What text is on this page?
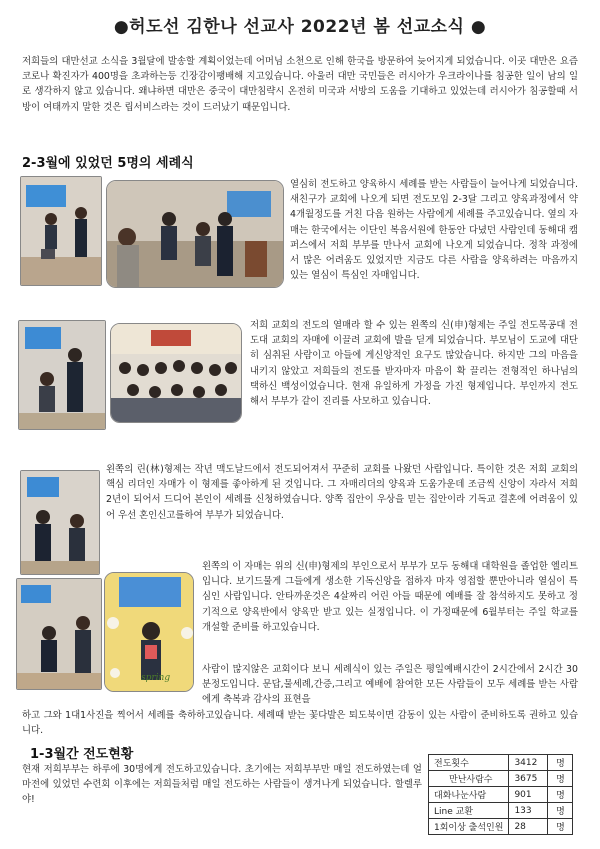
●허도선 김한나 선교사 2022년 봄 선교소식 ●

저희들의 대만선교 소식을 3월달에 발송할 계획이었는데 어머님 소천으로 인해 한국을 방문하여 늦어지게 되었습니다. 이곳 대만은 요즘 코로나 확진자가 400명을 초과하는등 긴장감이팽배해 지고있습니다. 아울러 대만 국민들은 러시아가 우크라이나를 침공한 일이 남의 일로 생각하지 않고 있습니다. 왜냐하면 대만은 중국이 대만침략시 온전히 미국과 서방의 도움을 기대하고 있었는데 러시아가 침공할때 서방이 여태까지 말한 것은 립서비스라는 것이 드러났기 때문입니다.

2-3월에 있었던 5명의 세례식

열심히 전도하고 양육하시 세례를 받는 사람들이 늘어나게 되었습니다. 새친구가 교회에 나오게 되면 전도모임 2-3달 그리고 양육과정에서 약 4개월정도를 거친 다음 원하는 사람에게 세례를 주고있습니다. 옆의 자매는 한국에서는 이단인 복음서원에 한동안 다녔던 사람인데 동해대 캠퍼스에서 저희 부부를 만나서 교회에 나오게 되었습니다. 정착 과정에서 많은 어려움도 있었지만 지금도 다른 사람을 양육하려는 마음까지 있는 열심이 특심인 자매입니다.

저희 교회의 전도의 열매라 할 수 있는 왼쪽의 신(申)형제는 주일 전도목공대 전도대 교회의 자매에 이끌려 교회에 발을 딛게 되었습니다. 부모님이 도교에 대단히 심취된 사람이고 아들에 게신앙적인 요구도 많았습니다. 하지만 그의 마음을 내키지 않았고 저희들의 전도를 받자마자 마음이 확 끌리는 전형적인 하나님의 택하신 백성이었습니다. 현재 유일하게 가정을 가진 형제입니다. 부인까지 전도해서 부부가 같이 진리를 사모하고 있습니다.

왼쪽의 린(林)형제는 작년 맥도날드에서 전도되어져서 꾸준히 교회를 나왔던 사람입니다. 특이한 것은 저희 교회의 핵심 리더인 자매가 이 형제를 좋아하게 된 것입니다. 그 자매리더의 양육과 도움가운데 조금씩 신앙이 자라서 저희 2년이 되어서 드디어 본인이 세례를 신청하였습니다. 양쪽 집안이 우상을 믿는 집안이라 기독교 결혼에 어려움이 있어 우선 혼인신고를하여 부부가 되었습니다.

spring

왼쪽의 이 자매는 위의 신(申)형제의 부인으로서 부부가 모두 동해대 대학원을 졸업한 엘리트입니다. 보기드물게 그들에게 생소한 기독신앙을 접하자 마자 영접할 뿐만아니라 열심이 특심인 사람입니다. 안타까운것은 4살짜리 어린 아들 때문에 예배를 잘 참석하지도 못하고 정기적으로 양육반에서 양육만 받고 있는 실정입니다. 이 가정때문에 6월부터는 주일 학교를 개설할 준비를 하고있습니다.

사람이 많지않은 교회이다 보니 세례식이 있는 주일은 평일예배시간이 2시간에서 2시간 30분정도입니다. 문답,물세례,간증,그리고 예배에 참여한 모든 사람들이 모두 세례를 받는 사람에게 축복과 감사의 표현을

하고 그와 1대1사진을 찍어서 세례를 축하하고있습니다. 세례때 받는 꽃다발은 퇴도북이면 감동이 있는 사람이 준비하도록 권하고 있습니다.

1-3월간 전도현황

현재 저희부부는 하루에 30명에게 전도하고있습니다. 초기에는 저희부부만 매일 전도하였는데 얼마전에 있었던 수련회 이후에는 저희들처럼 매일 전도하는 사람들이 생겨나게 되었습니다. 할렐루야!

전도횟수	3412	명
만난사람수	3675	명
대화나눈사람	901	명
Line 교환	133	명
1회이상 출석인원	28	명
